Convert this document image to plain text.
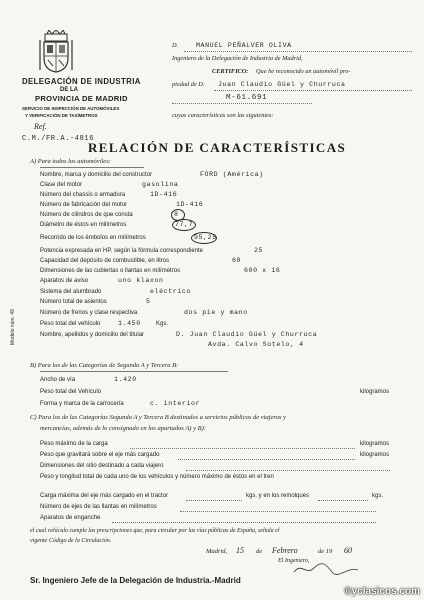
DELEGACIÓN DE INDUSTRIA
DE LA
PROVINCIA DE MADRID
SERVICIO DE INSPECCIÓN DE AUTOMÓVILES
Y VERIFICACIÓN DE TAXÍMETROS
Ref.
C.M./FR.A.-4816
D.	MANUEL PEÑALVER OLIVA
Ingeniero de la Delegación de Industria de Madrid,
CERTIFICO: Que he reconocido un automóvil pro-
piedad de D. Juan Claudio Güel y Churruca
M-61.691
cuyas características son las siguientes:
RELACIÓN DE CARACTERÍSTICAS
A) Para todos los automóviles:
Nombre, marca y domicilio del constructor	FORD (América)
Clase del motor	gasolina
Número del chassis o armadura	1D-416
Número de fabricación del motor	1D-416
Número de cilindros de que consta	8
Diámetro de éstos en milímetros	77,7
Recorrido de los émbolos en milímetros	95,25
Potencia expresada en HP. según la fórmula correspondiente	25
Capacidad del depósito de combustible, en litros	60
Dimensiones de las cubiertas o llantas en milímetros	600 x 16
Aparatos de aviso	uno klaxon
Sistema del alumbrado	eléctrico
Número total de asientos	5
Número de frenos y clase respectiva	dos pie y mano
Peso total del vehículo	1.450	Kgs.
Nombre, apellidos y domicilio del titular	D. Juan Claudio Güel y Churruca
Avda. Calvo Sotelo, 4
B) Para los de las Categorías de Segunda A y Tercera B:
Ancho de vía	1.420
Peso total del Vehículo	kilogramos
Forma y marca de la carrocería	c. interior
C) Para los de las Categorías Segunda A y Tercera B destinados a servicios públicos de viajeros y
mercancías, además de lo consignado en los apartados A) y B):
Peso máximo de la carga	kilogramos
Peso que gravitará sobre el eje más cargado	kilogramos
Dimensiones del sitio destinado a cada viajero
Peso y longitud total de cada uno de los vehículos y número máximo de éstos en el tren
Carga máxima del eje más cargado en el tractor	kgs. y en los remolques	kgs.
Número de ejes de las llantas en milímetros
Aparatos de enganche
el cual vehículo cumple las prescripciones que, para circular por las vías públicas de España, señala el
vigente Código de la Circulación.
Madrid, 15 de Febrero	de 19 60
El Ingeniero,
Sr. Ingeniero Jefe de la Delegación de Industria.-Madrid
Modelo núm. 49
©yclasicos.com
